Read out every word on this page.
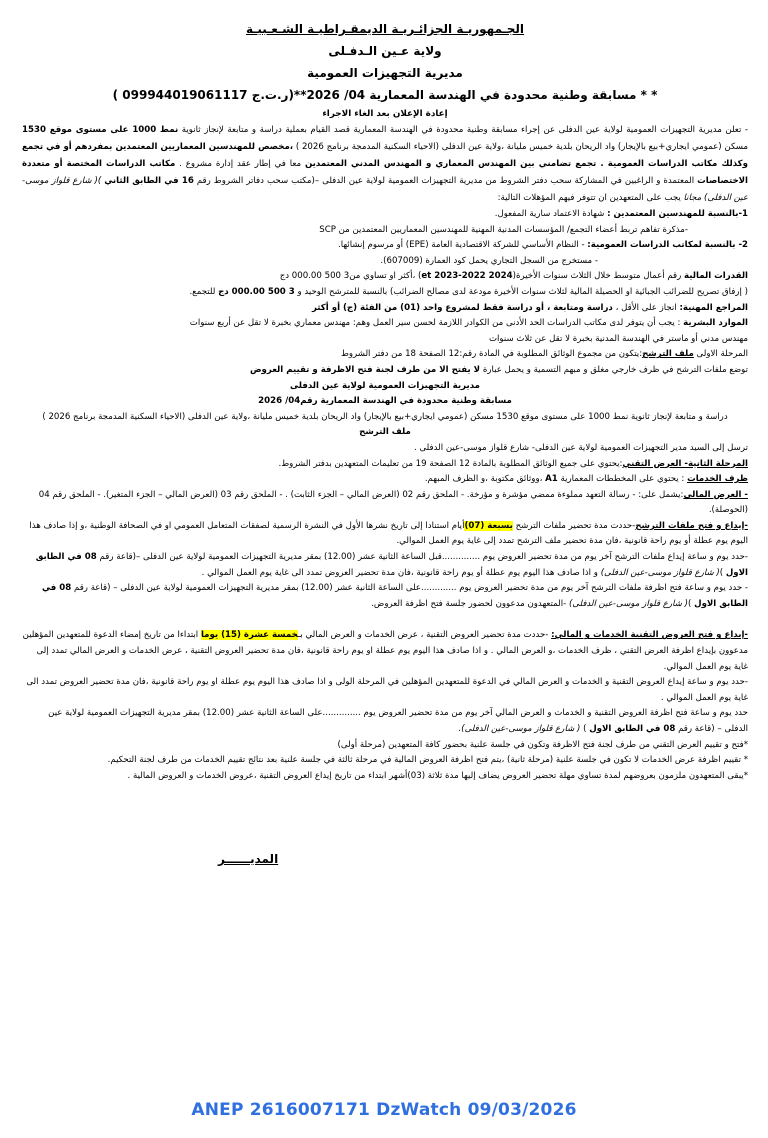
الجـمهوريـة الجزائـريـة الديمقـراطيـة الشـعـبيـة
ولاية عـين الـدفـلى
مديرية التجهيزات العمومية
* * مسابقة وطنية محدودة في الهندسة المعمارية 04/ 2026**(ر.ت.ج 099944019061117 )
إعادة الإعلان بعد الغاء الاجراء

- تعلن مديرية التجهيزات العمومية لولاية عين الدفلى عن إجراء مسابقة وطنية محدودة في الهندسة المعمارية قصد القيام بعملية دراسة و متابعة لإنجاز ثانوية نمط 1000 على مستوى موقع 1530 مسكن (عمومي ايجاري+بيع بالإيجار) واد الريحان بلدية خميس مليانة ،ولاية عين الدفلى (الاحياء السكنية المدمجة برنامج 2026 ) ،مخصص للمهندسين المعماريين المعتمدين بمفردهم أو في تجمع وكذلك مكاتب الدراسات العمومية . تجمع تضامني بين المهندس المعماري و المهندس المدني المعتمدين معا في إطار عقد إدارة مشروع . مكاتب الدراسات المختصة أو متعددة الاختصاصات المعتمدة و الراغبين في المشاركة سحب دفتر الشروط من مديرية التجهيزات العمومية لولاية عين الدفلى –(مكتب سحب دفاتر الشروط رقم 16 في الطابق الثاني )( شارع قلواز موسى-عين الدفلى) مجانا يجب على المتعهدين ان تتوفر فيهم المؤهلات التالية:

1-بالنسبة للمهندسين المعتمدين : شهادة الاعتماد سارية المفعول.
-مذكرة تفاهم تربط أعضاء التجمع/ المؤسسات المدنية المهنية للمهندسين المعماريين المعتمدين من SCP
2- بالنسبة لمكاتب الدراسات العمومية: - النظام الأساسي للشركة الاقتصادية العامة (EPE) أو مرسوم إنشائها.
- مستخرج من السجل التجاري يحمل كود العمارة (607009).
القدرات المالية رقم أعمال متوسط خلال الثلاث سنوات الأخيرة(2024 et 2023-2022) ،أكثر او تساوي من3 500 000.00 دج
( إرفاق تصريح للضرائب الجبائية او الحصيلة المالية لثلاث سنوات الأخيرة مودعة لدى مصالح الضرائب) بالنسبة للمترشح الوحيد و 3 500 000.00 دج للتجمع.
المراجع المهنية: انجاز على الأقل ، دراسة ومتابعة ، أو دراسة فقط لمشروع واحد (01) من الفئة (ج) أو أكثر
الموارد البشرية : يجب أن يتوفر لدى مكاتب الدراسات الحد الأدنى من الكوادر اللازمة لحسن سير العمل وهم: مهندس معماري بخبرة لا تقل عن أربع سنوات
مهندس مدني أو ماستر في الهندسة المدنية بخبرة لا تقل عن ثلاث سنوات
المرحلة الاولى ملف الترشح:يتكون من مجموع الوثائق المطلوبة في المادة رقم:12 الصفحة 18 من دفتر الشروط
توضع ملفات الترشح في ظرف خارجي مغلق و مبهم التسمية و يحمل عبارة لا يفتح الا من طرف لجنة فتح الاظرفة و تقييم العروض
مديرية التجهيزات العمومية لولاية عين الدفلى
مسابقة وطنية محدودة في الهندسة المعمارية رقم04/ 2026
دراسة و متابعة لإنجاز ثانوية نمط 1000 على مستوى موقع 1530 مسكن (عمومي ايجاري+بيع بالإيجار) واد الريحان بلدية خميس مليانة ،ولاية عين الدفلى (الاحياء السكنية المدمجة برنامج 2026 )
ملف الترشح
ترسل إلى السيد مدير التجهيزات العمومية لولاية عين الدفلى- شارع قلواز موسى-عين الدفلى .
المرحلة الثانية- العرض التقني:يحتوي على جميع الوثائق المطلوبة بالمادة 12 الصفحة 19 من تعليمات المتعهدين بدفتر الشروط.
ظرف الخدمات : يحتوي على المخططات المعمارية A1 ،ووثائق مكتوبة ،و الظرف المبهم.
- العرض المالي:يشمل على: - رسالة التعهد مملوءة ممضي مؤشرة و مؤرخة. - الملحق رقم 02 (العرض المالي – الجزء الثابت) . - الملحق رقم 03 (العرض المالي – الجزء المتغير). - الملحق رقم 04 (الحوصلة).
-إيداع و فتح ملفات الترشح-حددت مدة تحضير ملفات الترشح بسبعة (07)أيام استنادا إلى تاريخ نشرها الأول في النشرة الرسمية لصفقات المتعامل العمومي او في الصحافة الوطنية ،و إذا صادف هذا اليوم يوم عطلة أو يوم راحة قانونية ،فان مدة تحضير ملف الترشح تمدد إلى غاية يوم العمل الموالي.
-حدد يوم و ساعة إيداع ملفات الترشح آخر يوم من مدة تحضير العروض يوم ..............قبل الساعة الثانية عشر (12.00) بمقر مديرية التجهيزات العمومية لولاية عين الدفلى –(قاعة رقم 08 في الطابق الاول )( شارع قلواز موسى-عين الدفلى) و اذا صادف هذا اليوم يوم عطلة أو يوم راحة قانونية ،فان مدة تحضير العروض تمدد الى غاية يوم العمل الموالي .
- حدد يوم و ساعة فتح اظرفة ملفات الترشح آخر يوم من مدة تحضير العروض يوم .............على الساعة الثانية عشر (12.00) بمقر مديرية التجهيزات العمومية لولاية عين الدفلى – (قاعة رقم 08 في الطابق الاول )( شارع قلواز موسى-عين الدفلى) -المتعهدون مدعوون لحضور جلسة فتح اظرفة العروض.
-إيداع و فتح العروض التقنية الخدمات و المالي: -حددت مدة تحضير العروض التقنية ، عرض الخدمات و العرض المالي بـخمسة عشرة (15) يوما ابتداءا من تاريخ إمضاء الدعوة للمتعهدين المؤهلين مدعوون بإيداع اظرفة العرض التقني ، ظرف الخدمات ،و العرض المالي . و اذا صادف هذا اليوم يوم عطلة او يوم راحة قانونية ،فان مدة تحضير العروض التقنية ، عرض الخدمات و العرض المالي تمدد إلى غاية يوم العمل الموالي.
-حدد يوم و ساعة إيداع العروض التقنية و الخدمات و العرض المالي في الدعوة للمتعهدين المؤهلين في المرحلة الولى و اذا صادف هذا اليوم يوم عطلة او يوم راحة قانونية ،فان مدة تحضير العروض تمدد الى غاية يوم العمل الموالي .
حدد يوم و ساعة فتح اظرفة العروض التقنية و الخدمات و العرض المالي آخر يوم من مدة تحضير العروض يوم ..............على الساعة الثانية عشر (12.00) بمقر مديرية التجهيزات العمومية لولاية عين الدفلى – (قاعة رقم 08 في الطابق الاول ) ( شارع قلواز موسى-عين الدفلى).
*فتح و تقييم العرض التقني من طرف لجنة فتح الاظرفة وتكون في جلسة علنية بحضور كافة المتعهدين (مرحلة أولى)
* تقييم اظرفة عرض الخدمات لا تكون في جلسة علنية (مرحلة ثانية) ،يتم فتح اظرفة العروض المالية في مرحلة ثالثة في جلسة علنية بعد نتائج تقييم الخدمات من طرف لجنة التحكيم.
*يبقى المتعهدون ملزمون بعروضهم لمدة تساوي مهلة تحضير العروض يضاف إليها مدة ثلاثة (03)أشهر ابتداء من تاريخ إيداع العروض التقنية ،عروض الخدمات و العروض المالية .
المديــــــر
ANEP 2616007171 DzWatch 09/03/2026
